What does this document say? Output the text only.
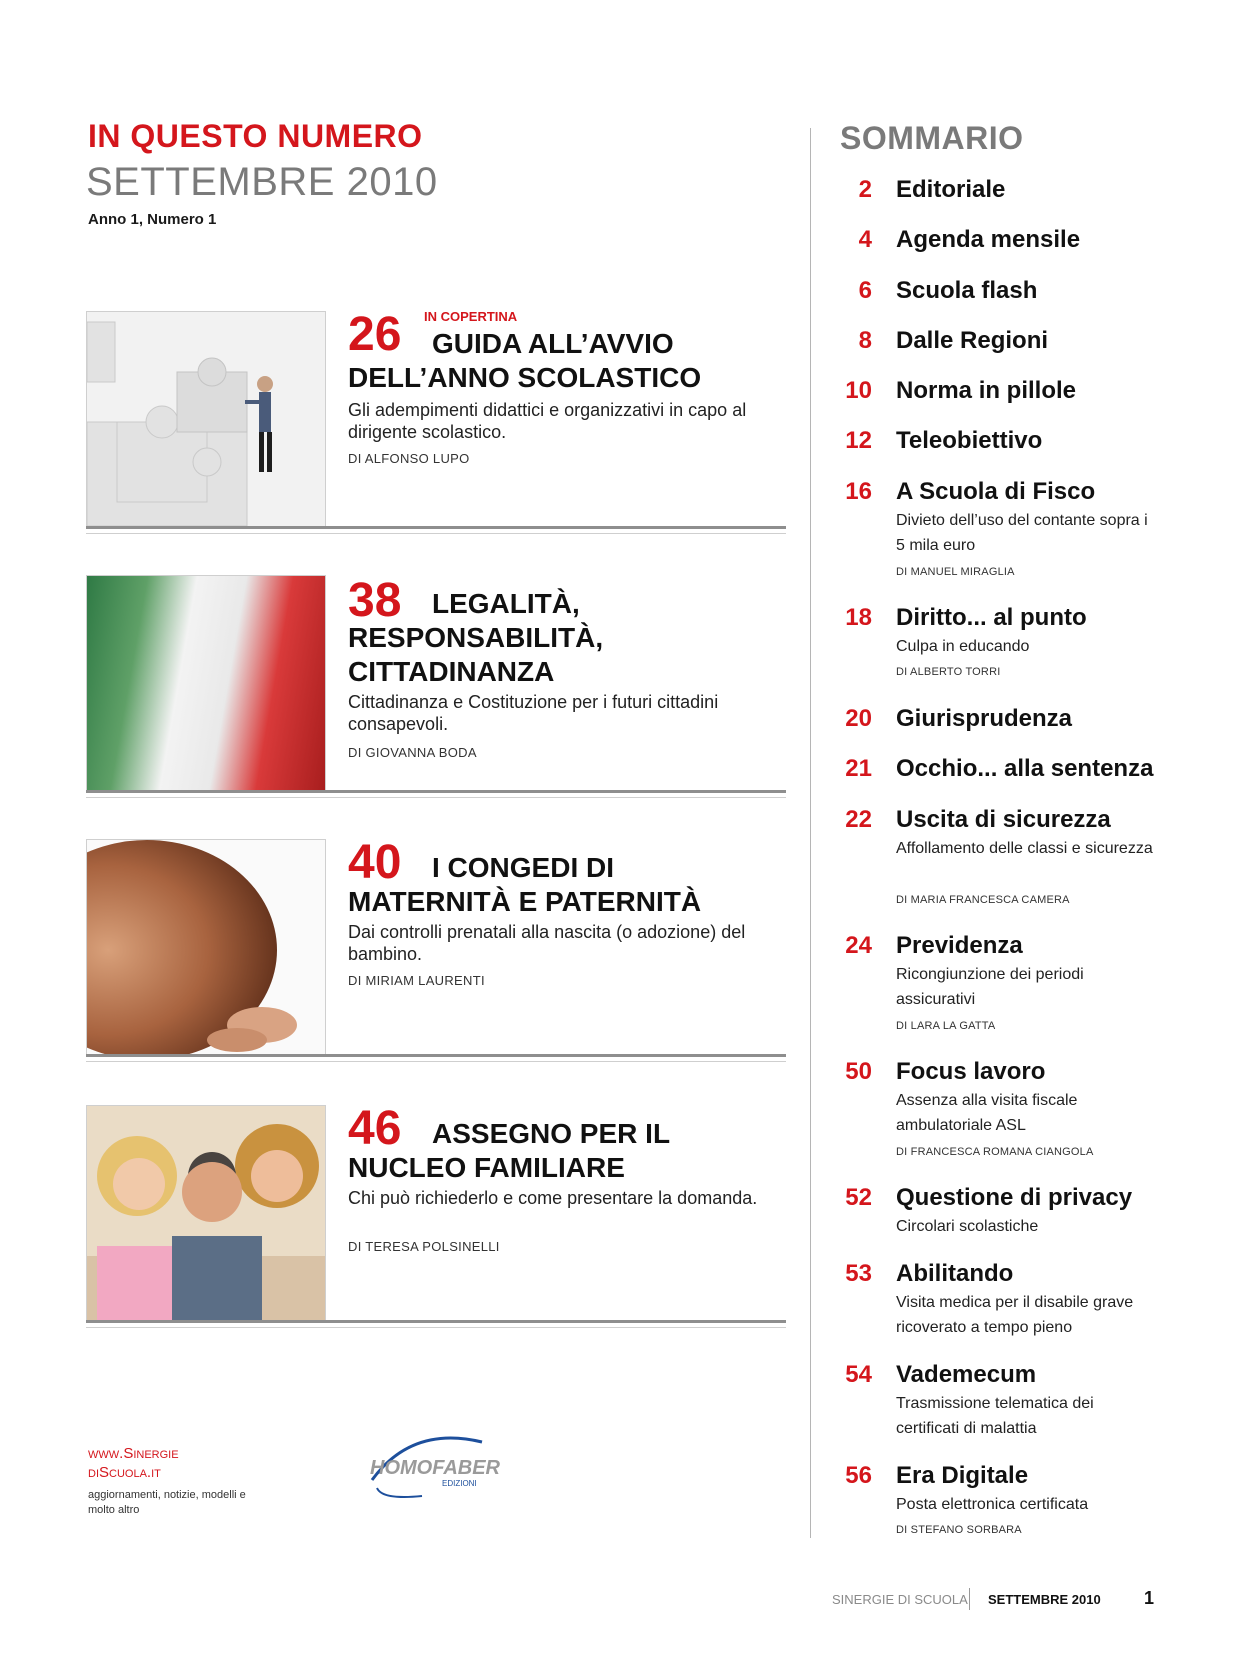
IN QUESTO NUMERO
SETTEMBRE 2010
Anno 1, Numero 1
26 IN COPERTINA
GUIDA ALL’AVVIO
DELL’ANNO SCOLASTICO
Gli adempimenti didattici e organizzativi in capo al dirigente scolastico.
DI ALFONSO LUPO
38	LEGALITÀ,
RESPONSABILITÀ,
CITTADINANZA
Cittadinanza e Costituzione per i futuri cittadini consapevoli.
DI GIOVANNA BODA
40	I CONGEDI DI
MATERNITÀ E PATERNITÀ
Dai controlli prenatali alla nascita (o adozione) del bambino.
DI MIRIAM LAURENTI
46	ASSEGNO PER IL
NUCLEO FAMILIARE
Chi può richiederlo e come presentare la domanda.
DI TERESA POLSINELLI
SOMMARIO
2 Editoriale
4 Agenda mensile
6 Scuola flash
8 Dalle Regioni
10 Norma in pillole
12 Teleobiettivo
16 A Scuola di Fisco
Divieto dell’uso del contante sopra i 5 mila euro
DI MANUEL MIRAGLIA
18 Diritto... al punto
Culpa in educando
DI ALBERTO TORRI
20 Giurisprudenza
21 Occhio... alla sentenza
22 Uscita di sicurezza
Affollamento delle classi e sicurezza
DI MARIA FRANCESCA CAMERA
24 Previdenza
Ricongiunzione dei periodi assicurativi
DI LARA LA GATTA
50 Focus lavoro
Assenza alla visita fiscale ambulatoriale ASL
DI FRANCESCA ROMANA CIANGOLA
52 Questione di privacy
Circolari scolastiche
53 Abilitando
Visita medica per il disabile grave ricoverato a tempo pieno
54 Vademecum
Trasmissione telematica dei certificati di malattia
56 Era Digitale
Posta elettronica certificata
DI STEFANO SORBARA
www.Sinergie
diScuola.it
aggiornamenti, notizie, modelli e molto altro
HOMOFABER
EDIZIONI
SINERGIE DI SCUOLA SETTEMBRE 2010 1
